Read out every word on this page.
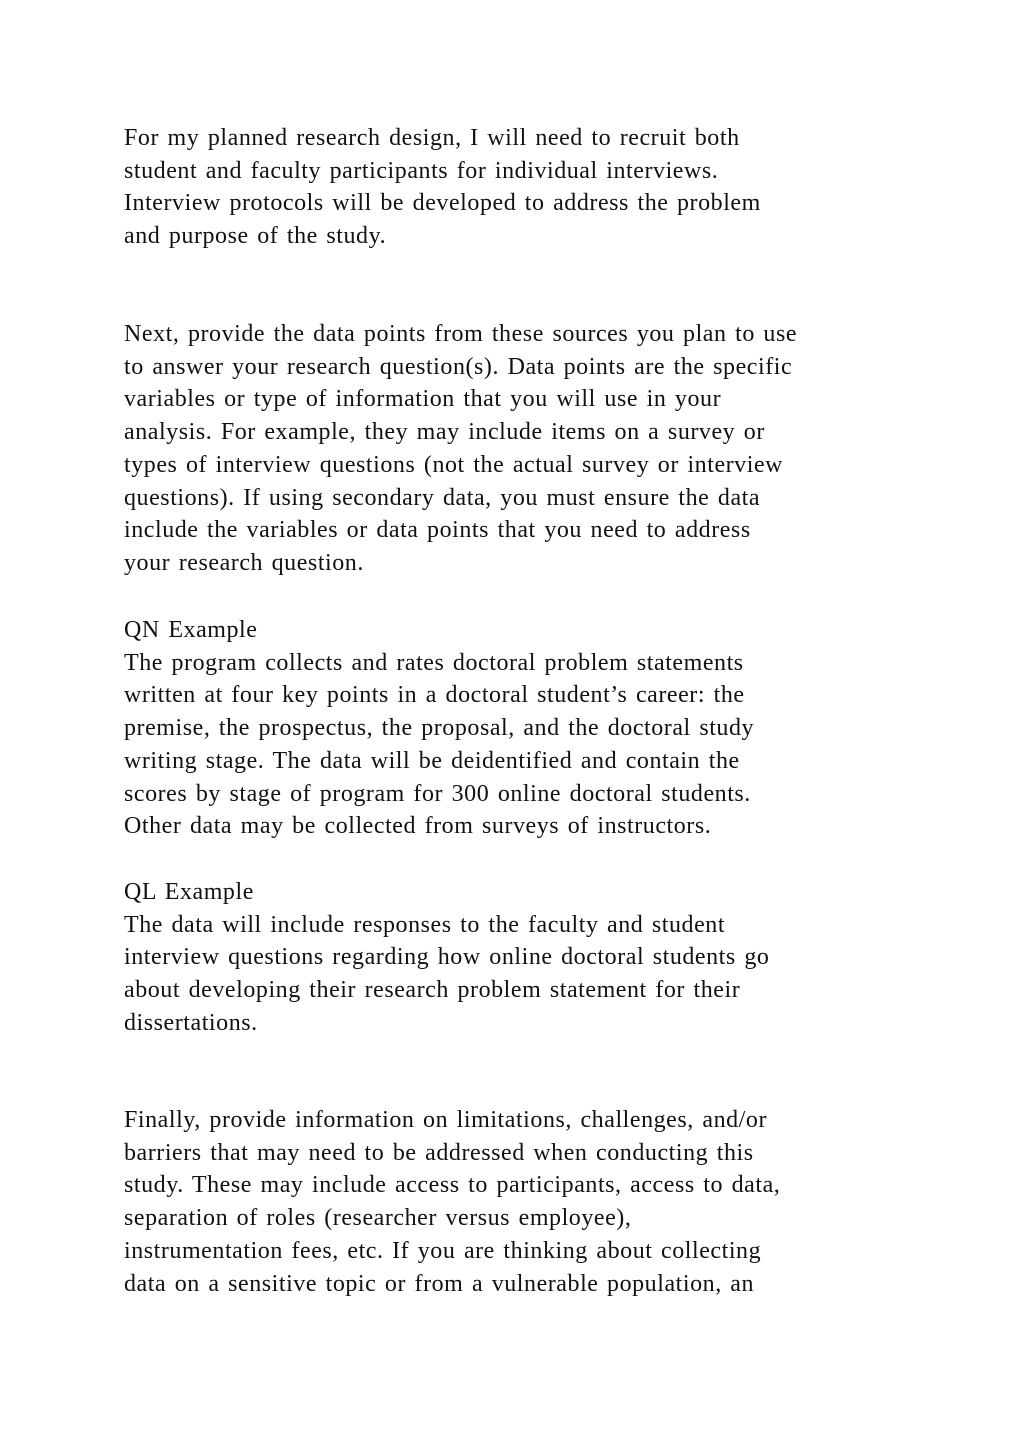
For my planned research design, I will need to recruit both
student and faculty participants for individual interviews.
Interview protocols will be developed to address the problem
and purpose of the study.
Next, provide the data points from these sources you plan to use
to answer your research question(s). Data points are the specific
variables or type of information that you will use in your
analysis. For example, they may include items on a survey or
types of interview questions (not the actual survey or interview
questions). If using secondary data, you must ensure the data
include the variables or data points that you need to address
your research question.
QN Example
The program collects and rates doctoral problem statements
written at four key points in a doctoral student’s career: the
premise, the prospectus, the proposal, and the doctoral study
writing stage. The data will be deidentified and contain the
scores by stage of program for 300 online doctoral students.
Other data may be collected from surveys of instructors.
QL Example
The data will include responses to the faculty and student
interview questions regarding how online doctoral students go
about developing their research problem statement for their
dissertations.
Finally, provide information on limitations, challenges, and/or
barriers that may need to be addressed when conducting this
study. These may include access to participants, access to data,
separation of roles (researcher versus employee),
instrumentation fees, etc. If you are thinking about collecting
data on a sensitive topic or from a vulnerable population, an
